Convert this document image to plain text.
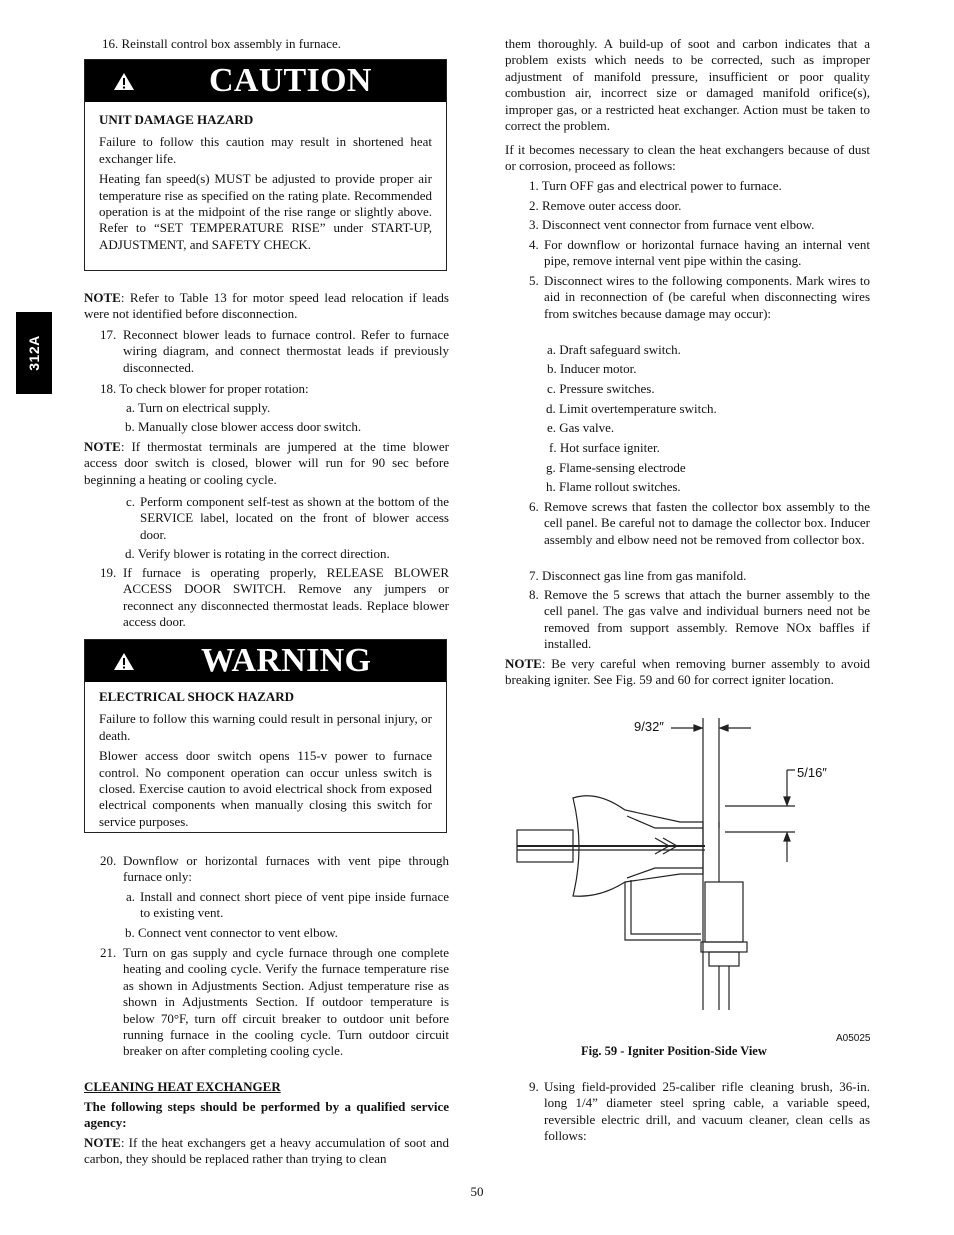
312A
16. Reinstall control box assembly in furnace.
CAUTION

UNIT DAMAGE HAZARD

Failure to follow this caution may result in shortened heat exchanger life.

Heating fan speed(s) MUST be adjusted to provide proper air temperature rise as specified on the rating plate. Recommended operation is at the midpoint of the rise range or slightly above. Refer to “SET TEMPERATURE RISE” under START-UP, ADJUSTMENT, and SAFETY CHECK.

NOTE: Refer to Table 13 for motor speed lead relocation if leads were not identified before disconnection.
17. Reconnect blower leads to furnace control. Refer to furnace wiring diagram, and connect thermostat leads if previously disconnected.
18. To check blower for proper rotation:
a. Turn on electrical supply.
b. Manually close blower access door switch.
NOTE: If thermostat terminals are jumpered at the time blower access door switch is closed, blower will run for 90 sec before beginning a heating or cooling cycle.
c. Perform component self-test as shown at the bottom of the SERVICE label, located on the front of blower access door.
d. Verify blower is rotating in the correct direction.
19. If furnace is operating properly, RELEASE BLOWER ACCESS DOOR SWITCH. Remove any jumpers or reconnect any disconnected thermostat leads. Replace blower access door.
WARNING

ELECTRICAL SHOCK HAZARD

Failure to follow this warning could result in personal injury, or death.

Blower access door switch opens 115-v power to furnace control. No component operation can occur unless switch is closed. Exercise caution to avoid electrical shock from exposed electrical components when manually closing this switch for service purposes.

20. Downflow or horizontal furnaces with vent pipe through furnace only:
a. Install and connect short piece of vent pipe inside furnace to existing vent.
b. Connect vent connector to vent elbow.
21. Turn on gas supply and cycle furnace through one complete heating and cooling cycle. Verify the furnace temperature rise as shown in Adjustments Section. Adjust temperature rise as shown in Adjustments Section. If outdoor temperature is below 70°F, turn off circuit breaker to outdoor unit before running furnace in the cooling cycle. Turn outdoor circuit breaker on after completing cooling cycle.
CLEANING HEAT EXCHANGER
The following steps should be performed by a qualified service agency:
NOTE: If the heat exchangers get a heavy accumulation of soot and carbon, they should be replaced rather than trying to clean
them thoroughly. A build-up of soot and carbon indicates that a problem exists which needs to be corrected, such as improper adjustment of manifold pressure, insufficient or poor quality combustion air, incorrect size or damaged manifold orifice(s), improper gas, or a restricted heat exchanger. Action must be taken to correct the problem.
If it becomes necessary to clean the heat exchangers because of dust or corrosion, proceed as follows:
1. Turn OFF gas and electrical power to furnace.
2. Remove outer access door.
3. Disconnect vent connector from furnace vent elbow.
4. For downflow or horizontal furnace having an internal vent pipe, remove internal vent pipe within the casing.
5. Disconnect wires to the following components. Mark wires to aid in reconnection of (be careful when disconnecting wires from switches because damage may occur):
a. Draft safeguard switch.
b. Inducer motor.
c. Pressure switches.
d. Limit overtemperature switch.
e. Gas valve.
f. Hot surface igniter.
g. Flame-sensing electrode
h. Flame rollout switches.
6. Remove screws that fasten the collector box assembly to the cell panel. Be careful not to damage the collector box. Inducer assembly and elbow need not be removed from collector box.
7. Disconnect gas line from gas manifold.
8. Remove the 5 screws that attach the burner assembly to the cell panel. The gas valve and individual burners need not be removed from support assembly. Remove NOx baffles if installed.
NOTE: Be very careful when removing burner assembly to avoid breaking igniter. See Fig. 59 and 60 for correct igniter location.
9/32″
5/16″
A05025
Fig. 59 - Igniter Position-Side View
9. Using field-provided 25-caliber rifle cleaning brush, 36-in. long 1/4” diameter steel spring cable, a variable speed, reversible electric drill, and vacuum cleaner, clean cells as follows:
50
